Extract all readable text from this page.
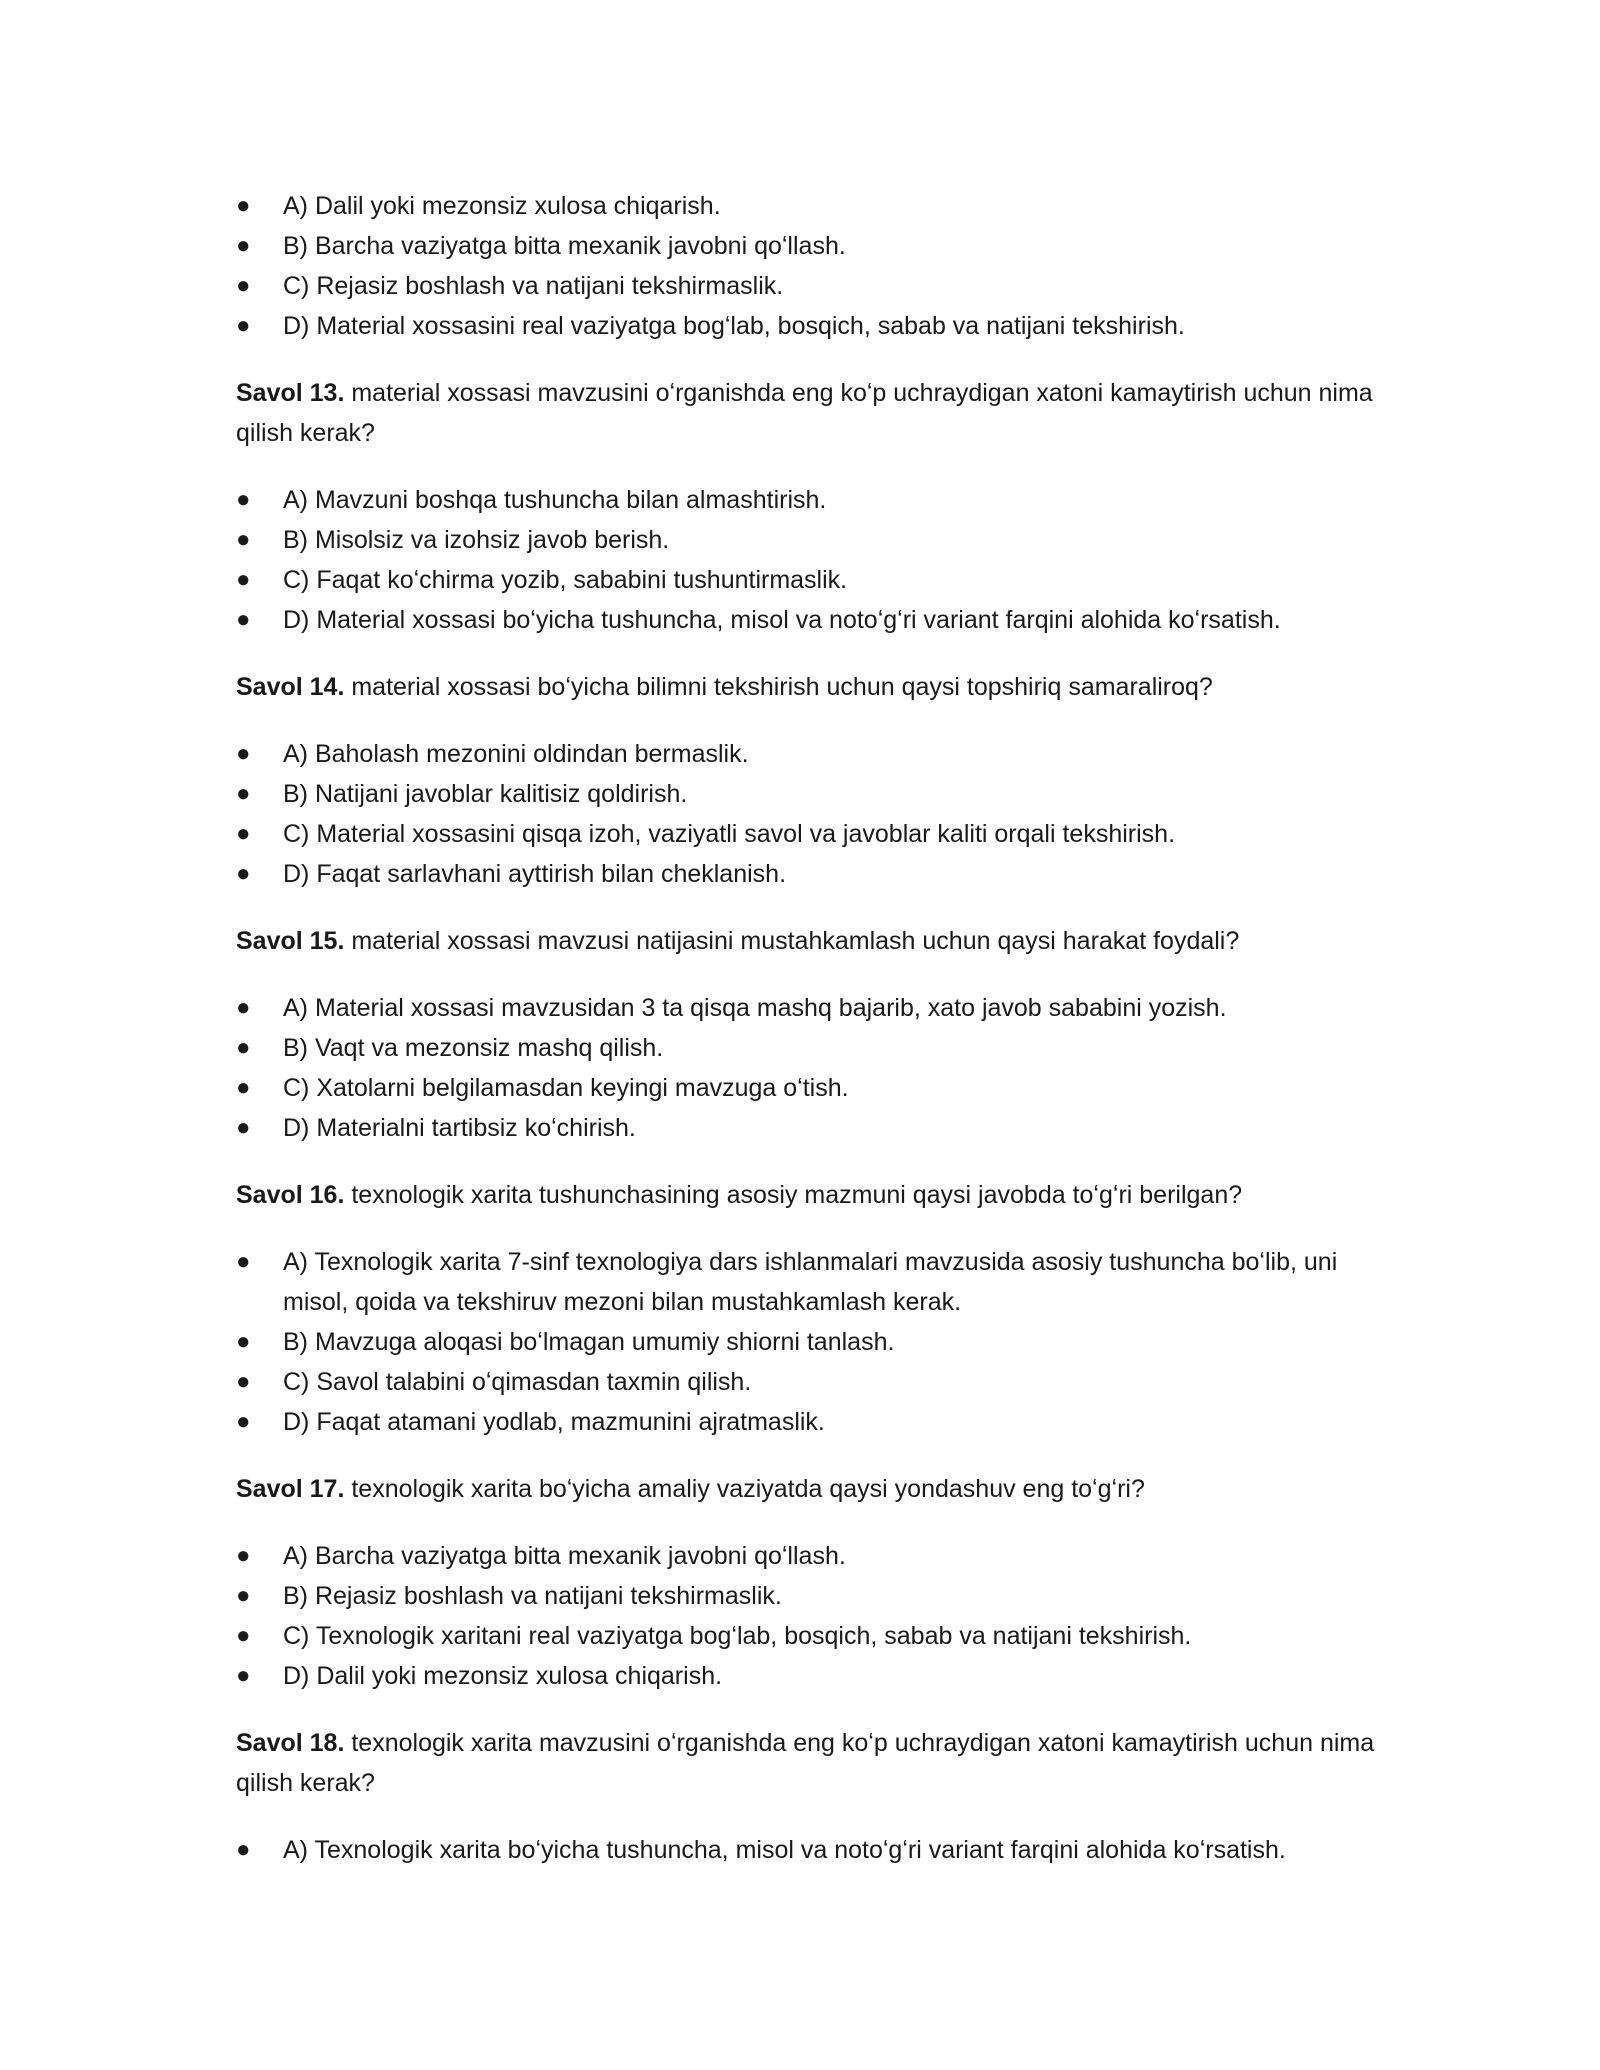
● A) Dalil yoki mezonsiz xulosa chiqarish.
● B) Barcha vaziyatga bitta mexanik javobni qoʻllash.
● C) Rejasiz boshlash va natijani tekshirmaslik.
● D) Material xossasini real vaziyatga bogʻlab, bosqich, sabab va natijani tekshirish.

Savol 13. material xossasi mavzusini oʻrganishda eng koʻp uchraydigan xatoni kamaytirish uchun nima qilish kerak?

● A) Mavzuni boshqa tushuncha bilan almashtirish.
● B) Misolsiz va izohsiz javob berish.
● C) Faqat koʻchirma yozib, sababini tushuntirmaslik.
● D) Material xossasi boʻyicha tushuncha, misol va notoʻgʻri variant farqini alohida koʻrsatish.

Savol 14. material xossasi boʻyicha bilimni tekshirish uchun qaysi topshiriq samaraliroq?

● A) Baholash mezonini oldindan bermaslik.
● B) Natijani javoblar kalitisiz qoldirish.
● C) Material xossasini qisqa izoh, vaziyatli savol va javoblar kaliti orqali tekshirish.
● D) Faqat sarlavhani ayttirish bilan cheklanish.

Savol 15. material xossasi mavzusi natijasini mustahkamlash uchun qaysi harakat foydali?

● A) Material xossasi mavzusidan 3 ta qisqa mashq bajarib, xato javob sababini yozish.
● B) Vaqt va mezonsiz mashq qilish.
● C) Xatolarni belgilamasdan keyingi mavzuga oʻtish.
● D) Materialni tartibsiz koʻchirish.

Savol 16. texnologik xarita tushunchasining asosiy mazmuni qaysi javobda toʻgʻri berilgan?

● A) Texnologik xarita 7-sinf texnologiya dars ishlanmalari mavzusida asosiy tushuncha boʻlib, uni misol, qoida va tekshiruv mezoni bilan mustahkamlash kerak.
● B) Mavzuga aloqasi boʻlmagan umumiy shiorni tanlash.
● C) Savol talabini oʻqimasdan taxmin qilish.
● D) Faqat atamani yodlab, mazmunini ajratmaslik.

Savol 17. texnologik xarita boʻyicha amaliy vaziyatda qaysi yondashuv eng toʻgʻri?

● A) Barcha vaziyatga bitta mexanik javobni qoʻllash.
● B) Rejasiz boshlash va natijani tekshirmaslik.
● C) Texnologik xaritani real vaziyatga bogʻlab, bosqich, sabab va natijani tekshirish.
● D) Dalil yoki mezonsiz xulosa chiqarish.

Savol 18. texnologik xarita mavzusini oʻrganishda eng koʻp uchraydigan xatoni kamaytirish uchun nima qilish kerak?

● A) Texnologik xarita boʻyicha tushuncha, misol va notoʻgʻri variant farqini alohida koʻrsatish.
